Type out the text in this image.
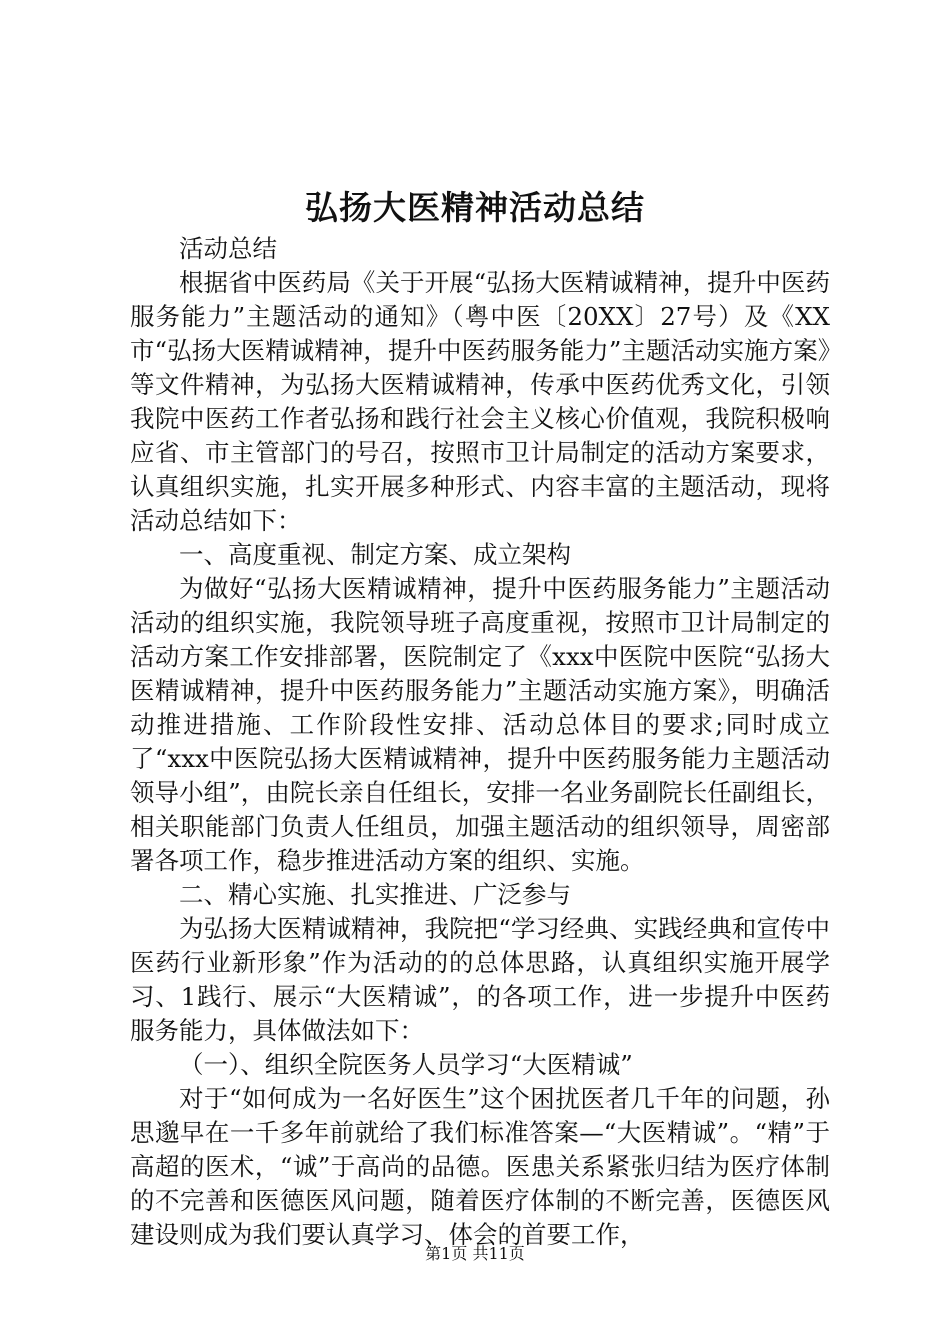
弘扬大医精神活动总结

活动总结

根据省中医药局《关于开展“弘扬大医精诚精神，提升中医药服务能力”主题活动的通知》（粤中医〔20XX〕27号）及《XX市“弘扬大医精诚精神，提升中医药服务能力”主题活动实施方案》等文件精神，为弘扬大医精诚精神，传承中医药优秀文化，引领我院中医药工作者弘扬和践行社会主义核心价值观，我院积极响应省、市主管部门的号召，按照市卫计局制定的活动方案要求，认真组织实施，扎实开展多种形式、内容丰富的主题活动，现将活动总结如下：

一、高度重视、制定方案、成立架构

为做好“弘扬大医精诚精神，提升中医药服务能力”主题活动活动的组织实施，我院领导班子高度重视，按照市卫计局制定的活动方案工作安排部署，医院制定了《xxx中医院中医院“弘扬大医精诚精神，提升中医药服务能力”主题活动实施方案》，明确活动推进措施、工作阶段性安排、活动总体目的要求;同时成立了“xxx中医院弘扬大医精诚精神，提升中医药服务能力主题活动领导小组”，由院长亲自任组长，安排一名业务副院长任副组长，相关职能部门负责人任组员，加强主题活动的组织领导，周密部署各项工作，稳步推进活动方案的组织、实施。

二、精心实施、扎实推进、广泛参与

为弘扬大医精诚精神，我院把“学习经典、实践经典和宣传中医药行业新形象”作为活动的的总体思路，认真组织实施开展学习、1践行、展示“大医精诚”，的各项工作，进一步提升中医药服务能力，具体做法如下：

（一）、组织全院医务人员学习“大医精诚”

对于“如何成为一名好医生”这个困扰医者几千年的问题，孙思邈早在一千多年前就给了我们标准答案—“大医精诚”。“精”于高超的医术，“诚”于高尚的品德。医患关系紧张归结为医疗体制的不完善和医德医风问题，随着医疗体制的不断完善，医德医风建设则成为我们要认真学习、体会的首要工作，

第1页 共11页
